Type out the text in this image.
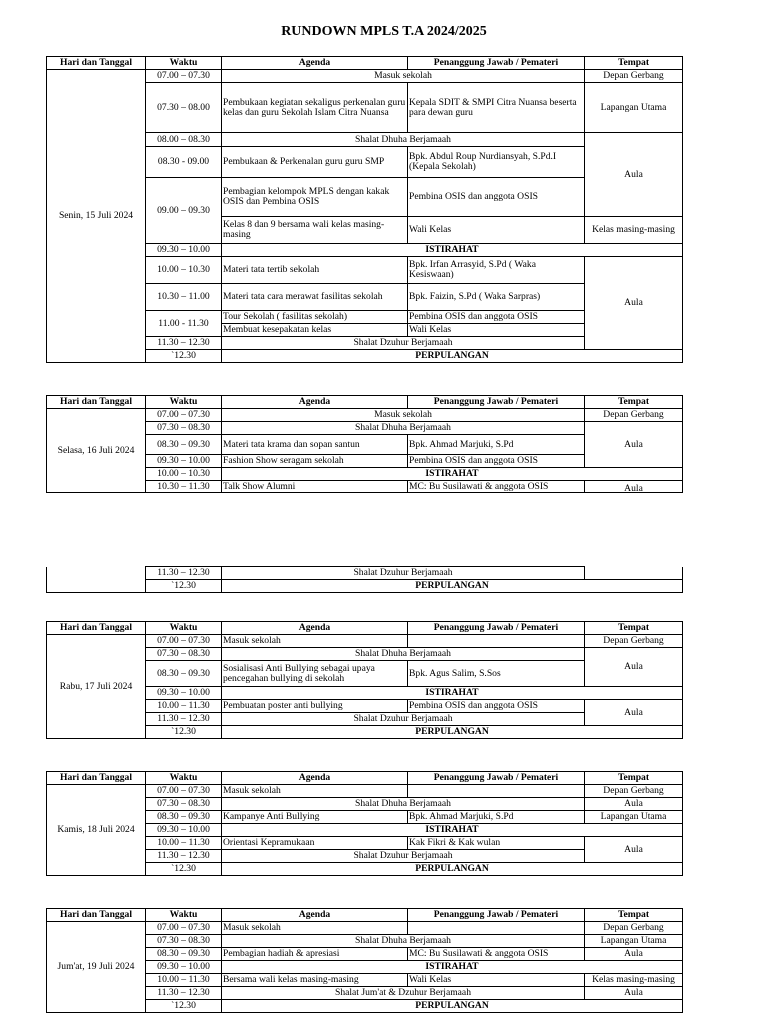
RUNDOWN MPLS T.A 2024/2025
Hari dan Tanggal	Waktu	Agenda	Penanggung Jawab / Pemateri	Tempat
Senin, 15 Juli 2024	07.00 – 07.30	Masuk sekolah		Depan Gerbang
	07.30 – 08.00	Pembukaan kegiatan sekaligus perkenalan guru kelas dan guru Sekolah Islam Citra Nuansa	Kepala SDIT & SMPI Citra Nuansa beserta para dewan guru	Lapangan Utama
	08.00 – 08.30	Shalat Dhuha Berjamaah		Aula
	08.30 - 09.00	Pembukaan & Perkenalan guru guru SMP	Bpk. Abdul Roup Nurdiansyah, S.Pd.I (Kepala Sekolah)	
	09.00 – 09.30	Pembagian kelompok MPLS dengan kakak OSIS dan Pembina OSIS	Pembina OSIS dan anggota OSIS	
		Kelas 8 dan 9 bersama wali kelas masing-masing	Wali Kelas	Kelas masing-masing
	09.30 – 10.00	ISTIRAHAT		
	10.00 – 10.30	Materi tata tertib sekolah	Bpk. Irfan Arrasyid, S.Pd ( Waka Kesiswaan)	Aula
	10.30 – 11.00	Materi tata cara merawat fasilitas sekolah	Bpk. Faizin, S.Pd ( Waka Sarpras)	
	11.00 - 11.30	Tour Sekolah ( fasilitas sekolah)	Pembina OSIS dan anggota OSIS	
		Membuat kesepakatan kelas	Wali Kelas	
	11.30 – 12.30	Shalat Dzuhur Berjamaah		
	`12.30	PERPULANGAN		
Hari dan Tanggal	Waktu	Agenda	Penanggung Jawab / Pemateri	Tempat
Selasa, 16 Juli 2024	07.00 – 07.30	Masuk sekolah		Depan Gerbang
	07.30 – 08.30	Shalat Dhuha Berjamaah		Aula
	08.30 – 09.30	Materi tata krama dan sopan santun	Bpk. Ahmad Marjuki, S.Pd	
	09.30 – 10.00	Fashion Show seragam sekolah	Pembina OSIS dan anggota OSIS	
	10.00 – 10.30	ISTIRAHAT		
	10.30 – 11.30	Talk Show Alumni	MC: Bu Susilawati & anggota OSIS	Aula
	11.30 – 12.30	Shalat Dzuhur Berjamaah	
	`12.30	PERPULANGAN	
Hari dan Tanggal	Waktu	Agenda	Penanggung Jawab / Pemateri	Tempat
Rabu, 17 Juli 2024	07.00 – 07.30	Masuk sekolah		Depan Gerbang
	07.30 – 08.30	Shalat Dhuha Berjamaah		Aula
	08.30 – 09.30	Sosialisasi Anti Bullying sebagai upaya pencegahan bullying di sekolah	Bpk. Agus Salim, S.Sos	
	09.30 – 10.00	ISTIRAHAT		
	10.00 – 11.30	Pembuatan poster anti bullying	Pembina OSIS dan anggota OSIS	Aula
	11.30 – 12.30	Shalat Dzuhur Berjamaah		
	`12.30	PERPULANGAN		
Hari dan Tanggal	Waktu	Agenda	Penanggung Jawab / Pemateri	Tempat
Kamis, 18 Juli 2024	07.00 – 07.30	Masuk sekolah		Depan Gerbang
	07.30 – 08.30	Shalat Dhuha Berjamaah		Aula
	08.30 – 09.30	Kampanye Anti Bullying	Bpk. Ahmad Marjuki, S.Pd	Lapangan Utama
	09.30 – 10.00	ISTIRAHAT		
	10.00 – 11.30	Orientasi Kepramukaan	Kak Fikri & Kak wulan	Aula
	11.30 – 12.30	Shalat Dzuhur Berjamaah		
	`12.30	PERPULANGAN		
Hari dan Tanggal	Waktu	Agenda	Penanggung Jawab / Pemateri	Tempat
Jum'at, 19 Juli 2024	07.00 – 07.30	Masuk sekolah		Depan Gerbang
	07.30 – 08.30	Shalat Dhuha Berjamaah		Lapangan Utama
	08.30 – 09.30	Pembagian hadiah & apresiasi	MC: Bu Susilawati & anggota OSIS	Aula
	09.30 – 10.00	ISTIRAHAT		
	10.00 – 11.30	Bersama wali kelas masing-masing	Wali Kelas	Kelas masing-masing
	11.30 – 12.30	Shalat Jum'at & Dzuhur Berjamaah		Aula
	`12.30	PERPULANGAN		
